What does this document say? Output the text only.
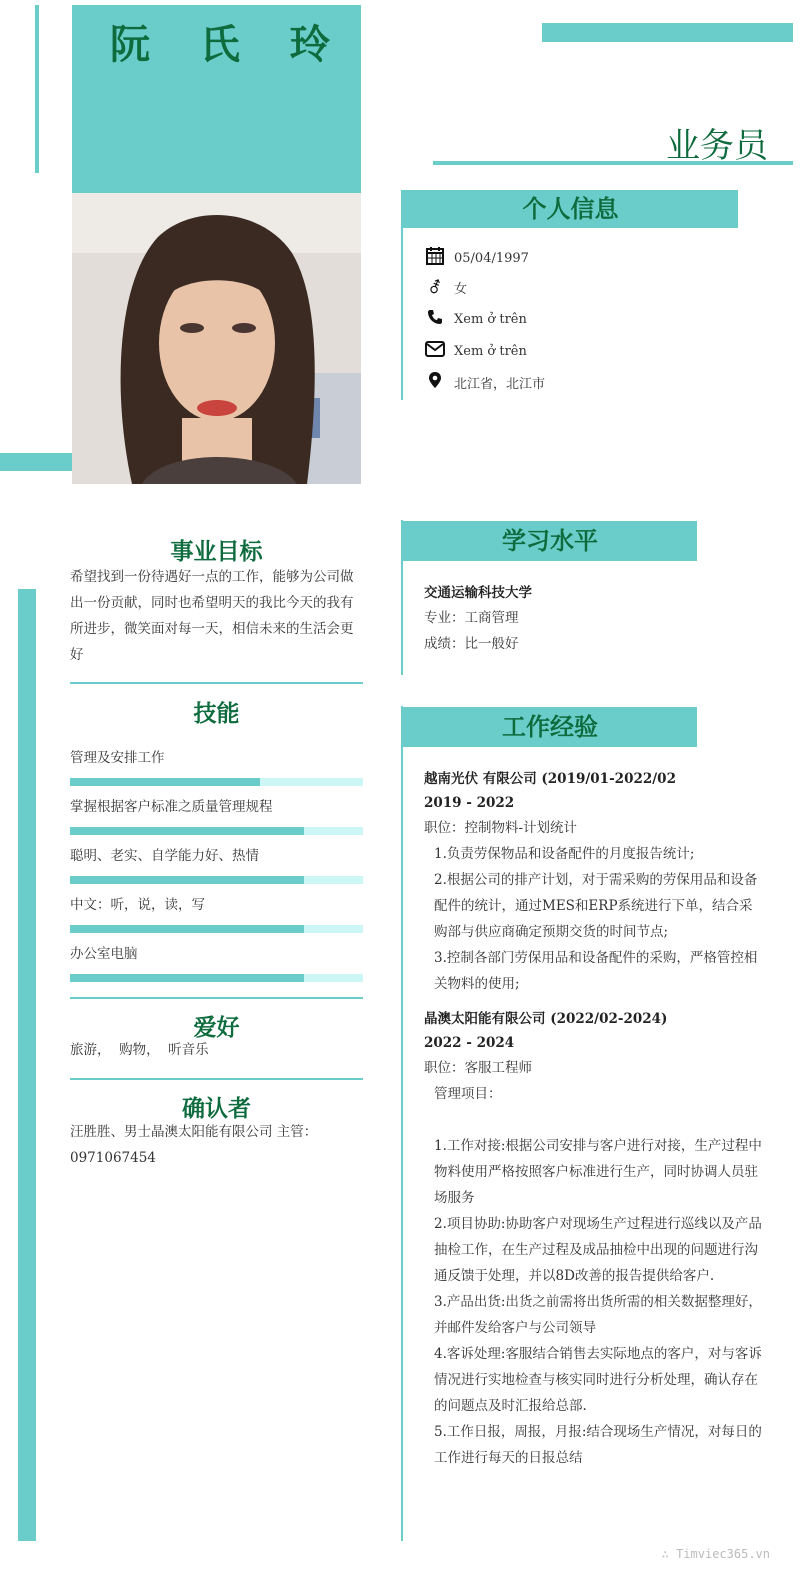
阮 氏 玲
业务员
个人信息
05/04/1997
⚦ 女
Xem ở trên
Xem ở trên
北江省，北江市
事业目标
希望找到一份待遇好一点的工作，能够为公司做出一份贡献，同时也希望明天的我比今天的我有所进步，微笑面对每一天，相信未来的生活会更好
技能
管理及安排工作
掌握根据客户标准之质量管理规程
聪明、老实、自学能力好、热情
中文：听，说，读，写
办公室电脑
爱好
旅游，  购物，  听音乐
确认者
汪胜胜、男士晶澳太阳能有限公司 主管：0971067454
学习水平
交通运输科技大学
专业：工商管理
成绩：比一般好
工作经验
越南光伏 有限公司 (2019/01-2022/02
2019 - 2022
职位：控制物料-计划统计
1.负责劳保物品和设备配件的月度报告统计;
2.根据公司的排产计划，对于需采购的劳保用品和设备配件的统计，通过MES和ERP系统进行下单，结合采购部与供应商确定预期交货的时间节点;
3.控制各部门劳保用品和设备配件的采购，严格管控相关物料的使用;
晶澳太阳能有限公司 (2022/02-2024)
2022 - 2024
职位：客服工程师
管理项目：
1.工作对接:根据公司安排与客户进行对接，生产过程中物料使用严格按照客户标准进行生产，同时协调人员驻场服务
2.项目协助:协助客户对现场生产过程进行巡线以及产品抽检工作，在生产过程及成品抽检中出现的问题进行沟通反馈于处理，并以8D改善的报告提供给客户.
3.产品出货:出货之前需将出货所需的相关数据整理好，并邮件发给客户与公司领导
4.客诉处理:客服结合销售去实际地点的客户，对与客诉情况进行实地检查与核实同时进行分析处理，确认存在的问题点及时汇报给总部.
5.工作日报，周报，月报:结合现场生产情况，对每日的工作进行每天的日报总结
∴ Timviec365.vn
